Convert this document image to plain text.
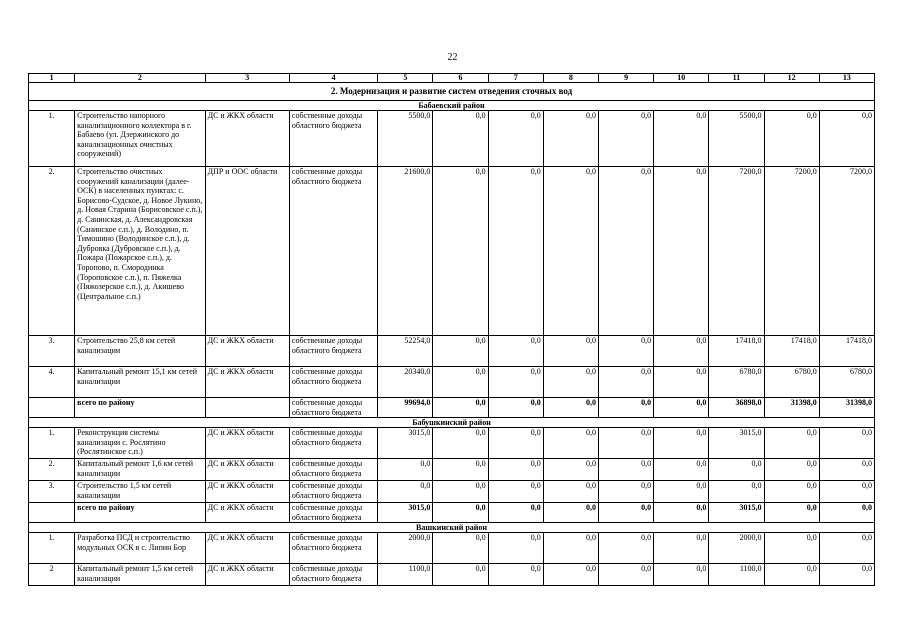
22
1	2	3	4	5	6	7	8	9	10	11	12	13
2. Модернизация и развитие систем отведения сточных вод												
Бабаевский район												
1.	Строительство напорного канализационного коллектора в г. Бабаево (ул. Дзержинского до канализационных очистных сооружений)	ДС и ЖКХ области	собственные доходы областного бюджета	5500,0	0,0	0,0	0,0	0,0	0,0	5500,0	0,0	0,0
2.	Строительство очистных сооружений канализации (далее-ОСК) в населенных пунктах: с. Борисово-Судское, д. Новое Лукино, д. Новая Старина (Борисовское с.п.), д. Санинская, д. Александровская (Санинское с.п.), д. Володино, п. Тимошино (Володинское с.п.), д. Дубровка (Дубровское с.п.), д. Пожара (Пожарское с.п.), д. Торопово, п. Смородинка (Тороповское с.п.), п. Пяжелка (Пяжозерское с.п.), д. Акишево (Центральное с.п.)	ДПР и ООС области	собственные доходы областного бюджета	21600,0	0,0	0,0	0,0	0,0	0,0	7200,0	7200,0	7200,0
3.	Строительство 25,8 км сетей канализации	ДС и ЖКХ области	собственные доходы областного бюджета	52254,0	0,0	0,0	0,0	0,0	0,0	17418,0	17418,0	17418,0
4.	Капитальный ремонт 15,1 км сетей канализации	ДС и ЖКХ области	собственные доходы областного бюджета	20340,0	0,0	0,0	0,0	0,0	0,0	6780,0	6780,0	6780,0
	всего по району		собственные доходы областного бюджета	99694,0	0,0	0,0	0,0	0,0	0,0	36898,0	31398,0	31398,0
Бабушкинский район												
1.	Реконструкция системы канализации с. Рослятино (Рослятинское с.п.)	ДС и ЖКХ области	собственные доходы областного бюджета	3015,0	0,0	0,0	0,0	0,0	0,0	3015,0	0,0	0,0
2.	Капитальный ремонт 1,6 км сетей канализации	ДС и ЖКХ области	собственные доходы областного бюджета	0,0	0,0	0,0	0,0	0,0	0,0	0,0	0,0	0,0
3.	Строительство 1,5 км сетей канализации	ДС и ЖКХ области	собственные доходы областного бюджета	0,0	0,0	0,0	0,0	0,0	0,0	0,0	0,0	0,0
	всего по району	ДС и ЖКХ области	собственные доходы областного бюджета	3015,0	0,0	0,0	0,0	0,0	0,0	3015,0	0,0	0,0
Вашкинский район												
1.	Разработка ПСД и строительство модульных ОСК в с. Липин Бор	ДС и ЖКХ области	собственные доходы областного бюджета	2000,0	0,0	0,0	0,0	0,0	0,0	2000,0	0,0	0,0
2	Капитальный ремонт 1,5 км сетей канализации	ДС и ЖКХ области	собственные доходы областного бюджета	1100,0	0,0	0,0	0,0	0,0	0,0	1100,0	0,0	0,0
